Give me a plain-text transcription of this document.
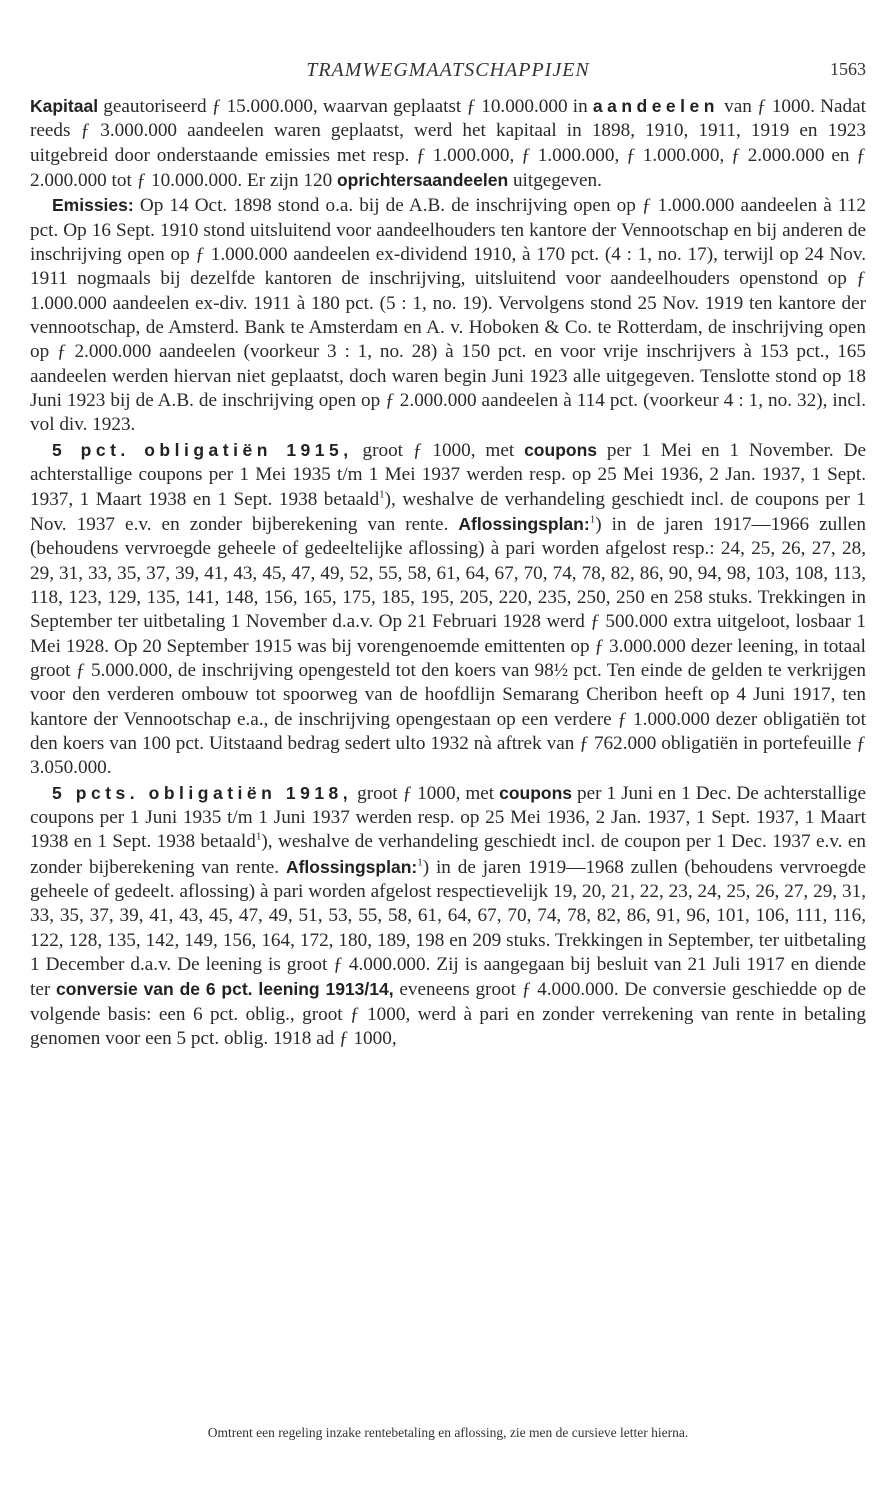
TRAMWEGMAATSCHAPPIJEN	1563

Kapitaal geautoriseerd ƒ 15.000.000, waarvan geplaatst ƒ 10.000.000 in aandeelen van ƒ 1000. Nadat reeds ƒ 3.000.000 aandeelen waren geplaatst, werd het kapitaal in 1898, 1910, 1911, 1919 en 1923 uitgebreid door onderstaande emissies met resp. ƒ 1.000.000, ƒ 1.000.000, ƒ 1.000.000, ƒ 2.000.000 en ƒ 2.000.000 tot ƒ 10.000.000. Er zijn 120 oprichtersaandeelen uitgegeven.

Emissies: Op 14 Oct. 1898 stond o.a. bij de A.B. de inschrijving open op ƒ 1.000.000 aandeelen à 112 pct. Op 16 Sept. 1910 stond uitsluitend voor aandeelhouders ten kantore der Vennootschap en bij anderen de inschrijving open op ƒ 1.000.000 aandeelen ex-dividend 1910, à 170 pct. (4 : 1, no. 17), terwijl op 24 Nov. 1911 nogmaals bij dezelfde kantoren de inschrijving, uitsluitend voor aandeelhouders openstond op ƒ 1.000.000 aandeelen ex-div. 1911 à 180 pct. (5 : 1, no. 19). Vervolgens stond 25 Nov. 1919 ten kantore der vennootschap, de Amsterd. Bank te Amsterdam en A. v. Hoboken & Co. te Rotterdam, de inschrijving open op ƒ 2.000.000 aandeelen (voorkeur 3 : 1, no. 28) à 150 pct. en voor vrije inschrijvers à 153 pct., 165 aandeelen werden hiervan niet geplaatst, doch waren begin Juni 1923 alle uitgegeven. Tenslotte stond op 18 Juni 1923 bij de A.B. de inschrijving open op ƒ 2.000.000 aandeelen à 114 pct. (voorkeur 4 : 1, no. 32), incl. vol div. 1923.

5 pct. obligatiën 1915, groot ƒ 1000, met coupons per 1 Mei en 1 November. De achterstallige coupons per 1 Mei 1935 t/m 1 Mei 1937 werden resp. op 25 Mei 1936, 2 Jan. 1937, 1 Sept. 1937, 1 Maart 1938 en 1 Sept. 1938 betaald$^1$), weshalve de verhandeling geschiedt incl. de coupons per 1 Nov. 1937 e.v. en zonder bijberekening van rente. Aflossingsplan:$^1$) in de jaren 1917—1966 zullen (behoudens vervroegde geheele of gedeeltelijke aflossing) à pari worden afgelost resp.: 24, 25, 26, 27, 28, 29, 31, 33, 35, 37, 39, 41, 43, 45, 47, 49, 52, 55, 58, 61, 64, 67, 70, 74, 78, 82, 86, 90, 94, 98, 103, 108, 113, 118, 123, 129, 135, 141, 148, 156, 165, 175, 185, 195, 205, 220, 235, 250, 250 en 258 stuks. Trekkingen in September ter uitbetaling 1 November d.a.v. Op 21 Februari 1928 werd ƒ 500.000 extra uitgeloot, losbaar 1 Mei 1928. Op 20 September 1915 was bij vorengenoemde emittenten op ƒ 3.000.000 dezer leening, in totaal groot ƒ 5.000.000, de inschrijving opengesteld tot den koers van 98½ pct. Ten einde de gelden te verkrijgen voor den verderen ombouw tot spoorweg van de hoofdlijn Semarang Cheribon heeft op 4 Juni 1917, ten kantore der Vennootschap e.a., de inschrijving opengestaan op een verdere ƒ 1.000.000 dezer obligatiën tot den koers van 100 pct. Uitstaand bedrag sedert ulto 1932 nà aftrek van ƒ 762.000 obligatiën in portefeuille ƒ 3.050.000.

5 pcts. obligatiën 1918, groot ƒ 1000, met coupons per 1 Juni en 1 Dec. De achterstallige coupons per 1 Juni 1935 t/m 1 Juni 1937 werden resp. op 25 Mei 1936, 2 Jan. 1937, 1 Sept. 1937, 1 Maart 1938 en 1 Sept. 1938 betaald$^1$), weshalve de verhandeling geschiedt incl. de coupon per 1 Dec. 1937 e.v. en zonder bijberekening van rente. Aflossingsplan:$^1$) in de jaren 1919—1968 zullen (behoudens vervroegde geheele of gedeelt. aflossing) à pari worden afgelost respectievelijk 19, 20, 21, 22, 23, 24, 25, 26, 27, 29, 31, 33, 35, 37, 39, 41, 43, 45, 47, 49, 51, 53, 55, 58, 61, 64, 67, 70, 74, 78, 82, 86, 91, 96, 101, 106, 111, 116, 122, 128, 135, 142, 149, 156, 164, 172, 180, 189, 198 en 209 stuks. Trekkingen in September, ter uitbetaling 1 December d.a.v. De leening is groot ƒ 4.000.000. Zij is aangegaan bij besluit van 21 Juli 1917 en diende ter conversie van de 6 pct. leening 1913/14, eveneens groot ƒ 4.000.000. De conversie geschiedde op de volgende basis: een 6 pct. oblig., groot ƒ 1000, werd à pari en zonder verrekening van rente in betaling genomen voor een 5 pct. oblig. 1918 ad ƒ 1000,

Omtrent een regeling inzake rentebetaling en aflossing, zie men de cursieve letter hierna.
